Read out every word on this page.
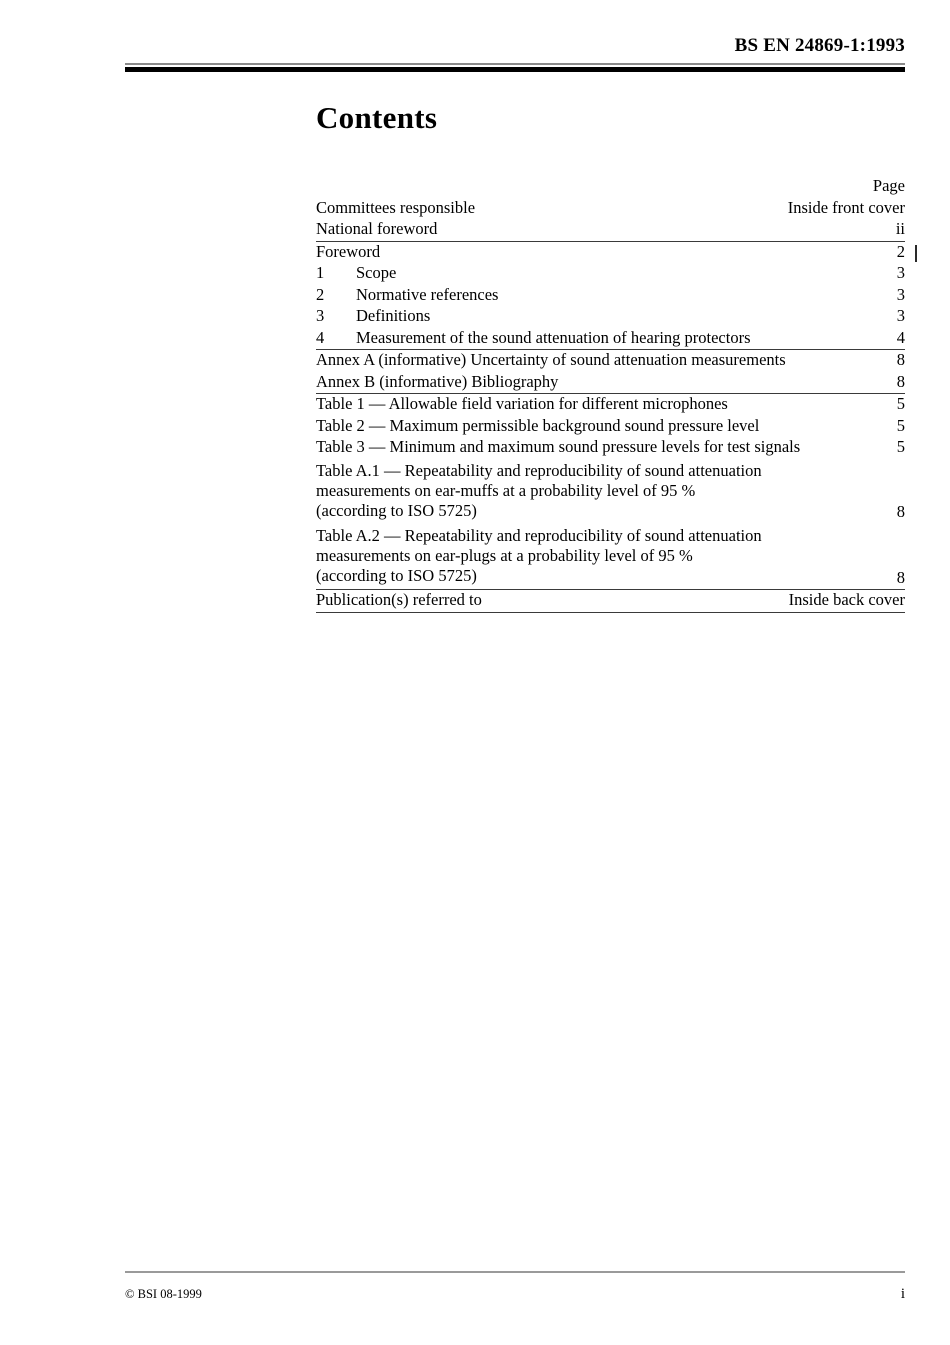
BS EN 24869-1:1993
Contents
Page
Committees responsible	Inside front cover
National foreword	ii
Foreword	2
1 Scope	3
2 Normative references	3
3 Definitions	3
4 Measurement of the sound attenuation of hearing protectors	4
Annex A (informative) Uncertainty of sound attenuation measurements	8
Annex B (informative) Bibliography	8
Table 1 — Allowable field variation for different microphones	5
Table 2 — Maximum permissible background sound pressure level	5
Table 3 — Minimum and maximum sound pressure levels for test signals	5
Table A.1 — Repeatability and reproducibility of sound attenuation
measurements on ear-muffs at a probability level of 95 %
(according to ISO 5725)	8
Table A.2 — Repeatability and reproducibility of sound attenuation
measurements on ear-plugs at a probability level of 95 %
(according to ISO 5725)	8
Publication(s) referred to	Inside back cover
© BSI 08-1999	i
